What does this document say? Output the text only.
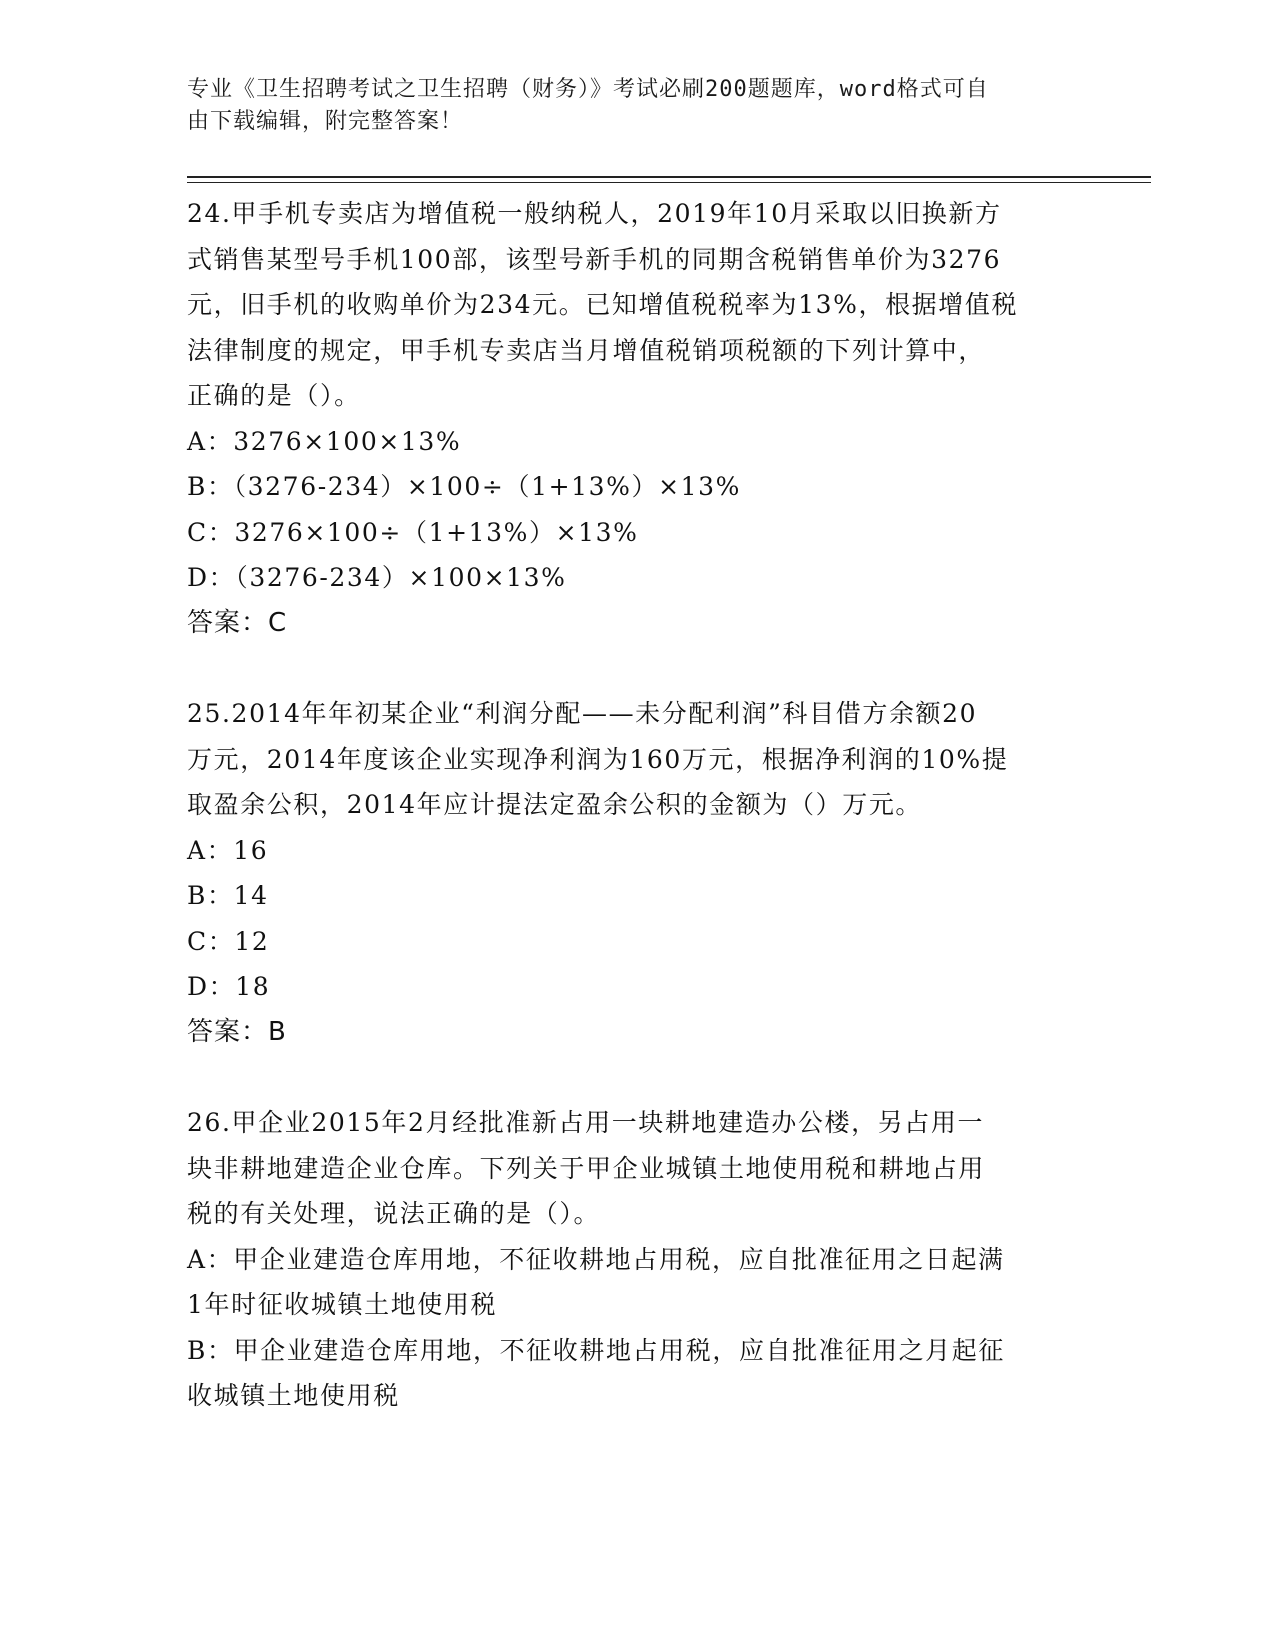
专业《卫生招聘考试之卫生招聘（财务）》考试必刷200题题库，word格式可自
由下载编辑，附完整答案！

24.甲手机专卖店为增值税一般纳税人，2019年10月采取以旧换新方

式销售某型号手机100部，该型号新手机的同期含税销售单价为3276

元，旧手机的收购单价为234元。已知增值税税率为13%，根据增值税

法律制度的规定，甲手机专卖店当月增值税销项税额的下列计算中，

正确的是（）。

A：3276×100×13%

B：（3276-234）×100÷（1+13%）×13%

C：3276×100÷（1+13%）×13%

D：（3276-234）×100×13%

答案：C

25.2014年年初某企业“利润分配——未分配利润”科目借方余额20

万元，2014年度该企业实现净利润为160万元，根据净利润的10%提

取盈余公积，2014年应计提法定盈余公积的金额为（）万元。

A：16

B：14

C：12

D：18

答案：B

26.甲企业2015年2月经批准新占用一块耕地建造办公楼，另占用一

块非耕地建造企业仓库。下列关于甲企业城镇土地使用税和耕地占用

税的有关处理，说法正确的是（）。

A：甲企业建造仓库用地，不征收耕地占用税，应自批准征用之日起满

1年时征收城镇土地使用税

B：甲企业建造仓库用地，不征收耕地占用税，应自批准征用之月起征

收城镇土地使用税
